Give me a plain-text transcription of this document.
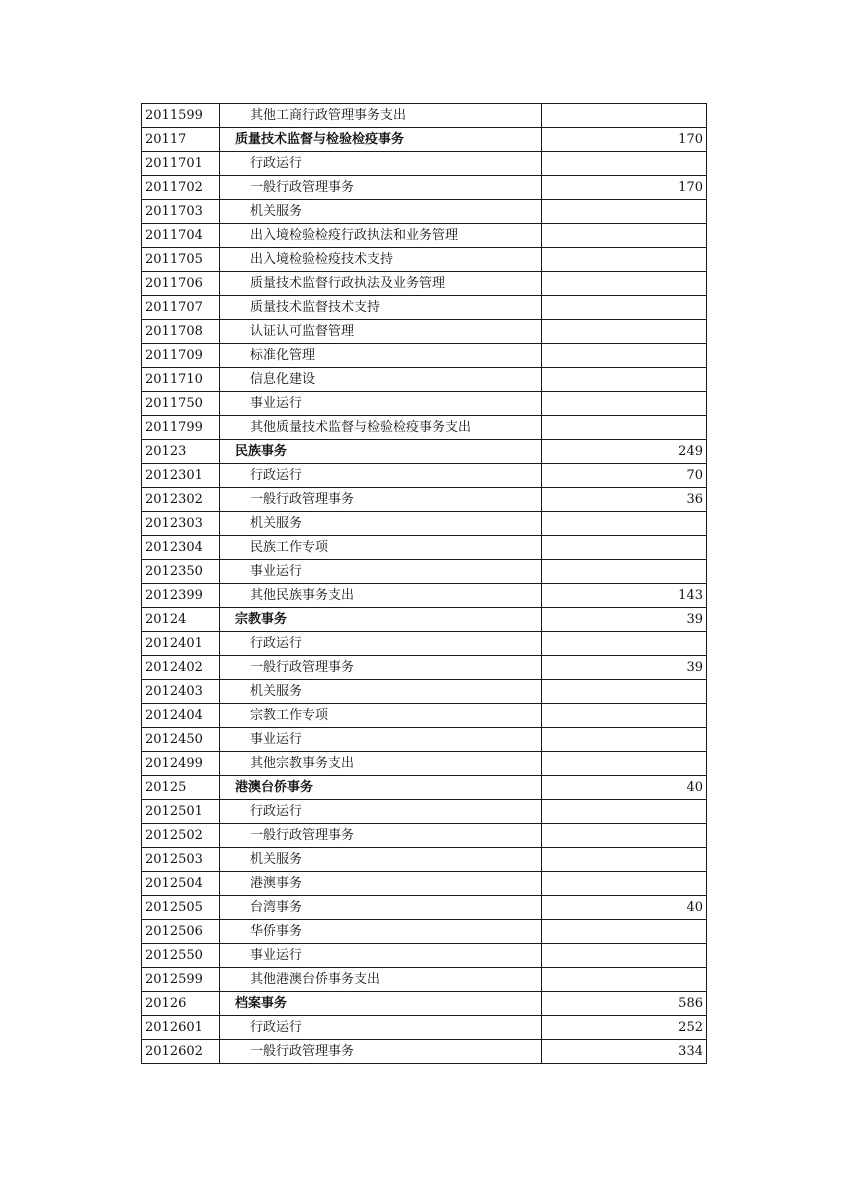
2011599	其他工商行政管理事务支出	
20117	质量技术监督与检验检疫事务	170
2011701	行政运行	
2011702	一般行政管理事务	170
2011703	机关服务	
2011704	出入境检验检疫行政执法和业务管理	
2011705	出入境检验检疫技术支持	
2011706	质量技术监督行政执法及业务管理	
2011707	质量技术监督技术支持	
2011708	认证认可监督管理	
2011709	标准化管理	
2011710	信息化建设	
2011750	事业运行	
2011799	其他质量技术监督与检验检疫事务支出	
20123	民族事务	249
2012301	行政运行	70
2012302	一般行政管理事务	36
2012303	机关服务	
2012304	民族工作专项	
2012350	事业运行	
2012399	其他民族事务支出	143
20124	宗教事务	39
2012401	行政运行	
2012402	一般行政管理事务	39
2012403	机关服务	
2012404	宗教工作专项	
2012450	事业运行	
2012499	其他宗教事务支出	
20125	港澳台侨事务	40
2012501	行政运行	
2012502	一般行政管理事务	
2012503	机关服务	
2012504	港澳事务	
2012505	台湾事务	40
2012506	华侨事务	
2012550	事业运行	
2012599	其他港澳台侨事务支出	
20126	档案事务	586
2012601	行政运行	252
2012602	一般行政管理事务	334
